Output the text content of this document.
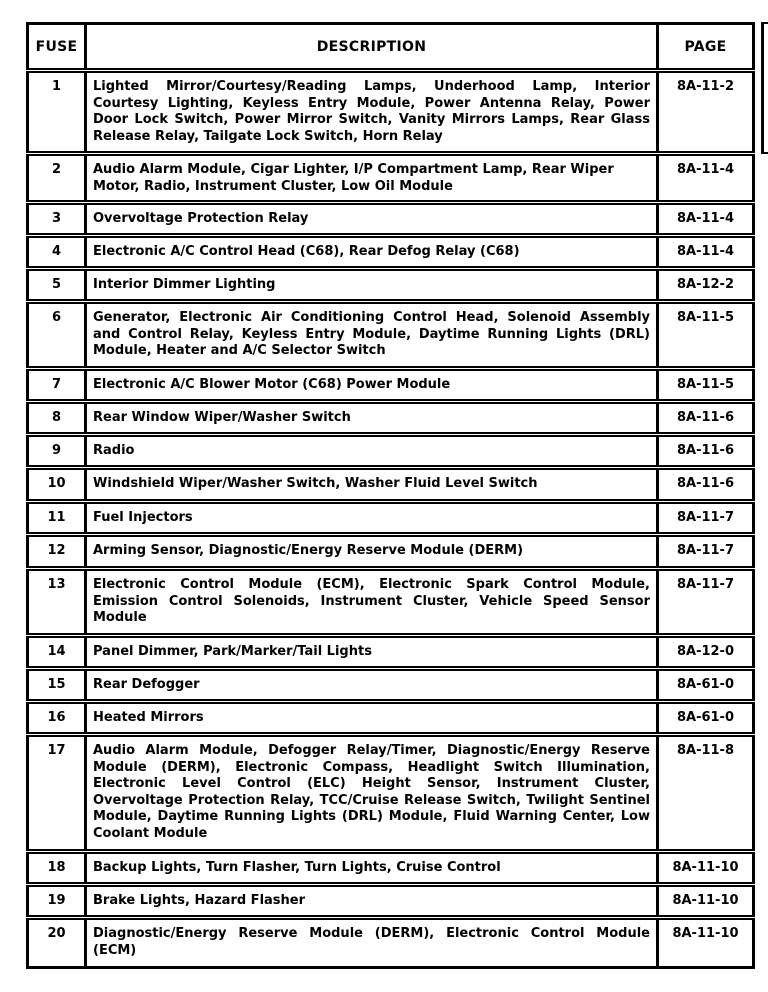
FUSE	DESCRIPTION	PAGE
1	Lighted Mirror/Courtesy/Reading Lamps, Underhood Lamp, Interior Courtesy Lighting, Keyless Entry Module, Power Antenna Relay, Power Door Lock Switch, Power Mirror Switch, Vanity Mirrors Lamps, Rear Glass Release Relay, Tailgate Lock Switch, Horn Relay	8A-11-2
2	Audio Alarm Module, Cigar Lighter, I/P Compartment Lamp, Rear Wiper Motor, Radio, Instrument Cluster, Low Oil Module	8A-11-4
3	Overvoltage Protection Relay	8A-11-4
4	Electronic A/C Control Head (C68), Rear Defog Relay (C68)	8A-11-4
5	Interior Dimmer Lighting	8A-12-2
6	Generator, Electronic Air Conditioning Control Head, Solenoid Assembly and Control Relay, Keyless Entry Module, Daytime Running Lights (DRL) Module, Heater and A/C Selector Switch	8A-11-5
7	Electronic A/C Blower Motor (C68) Power Module	8A-11-5
8	Rear Window Wiper/Washer Switch	8A-11-6
9	Radio	8A-11-6
10	Windshield Wiper/Washer Switch, Washer Fluid Level Switch	8A-11-6
11	Fuel Injectors	8A-11-7
12	Arming Sensor, Diagnostic/Energy Reserve Module (DERM)	8A-11-7
13	Electronic Control Module (ECM), Electronic Spark Control Module, Emission Control Solenoids, Instrument Cluster, Vehicle Speed Sensor Module	8A-11-7
14	Panel Dimmer, Park/Marker/Tail Lights	8A-12-0
15	Rear Defogger	8A-61-0
16	Heated Mirrors	8A-61-0
17	Audio Alarm Module, Defogger Relay/Timer, Diagnostic/Energy Reserve Module (DERM), Electronic Compass, Headlight Switch Illumination, Electronic Level Control (ELC) Height Sensor, Instrument Cluster, Overvoltage Protection Relay, TCC/Cruise Release Switch, Twilight Sentinel Module, Daytime Running Lights (DRL) Module, Fluid Warning Center, Low Coolant Module	8A-11-8
18	Backup Lights, Turn Flasher, Turn Lights, Cruise Control	8A-11-10
19	Brake Lights, Hazard Flasher	8A-11-10
20	Diagnostic/Energy Reserve Module (DERM), Electronic Control Module (ECM)	8A-11-10
